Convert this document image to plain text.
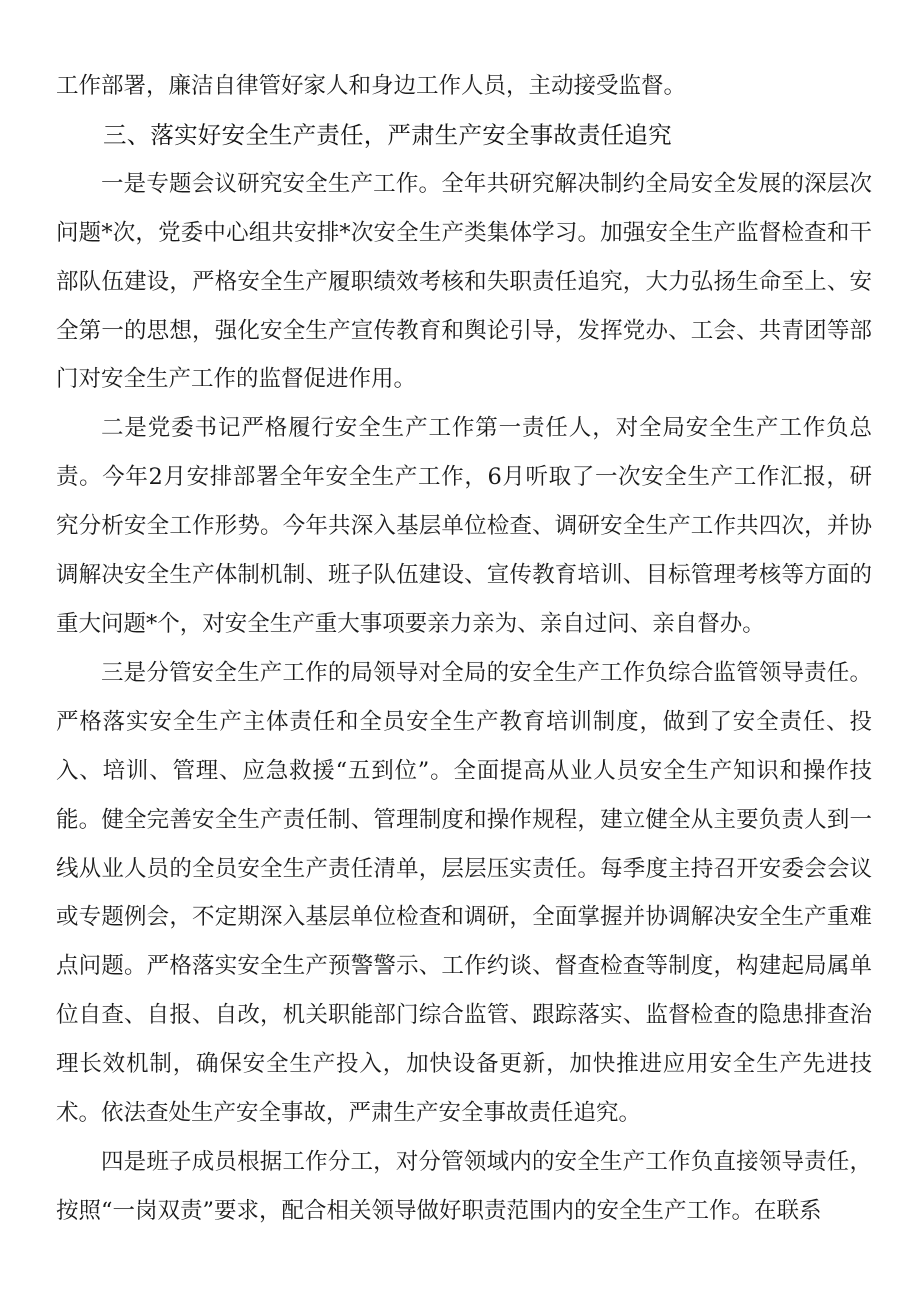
工作部署，廉洁自律管好家人和身边工作人员，主动接受监督。

三、落实好安全生产责任，严肃生产安全事故责任追究

一是专题会议研究安全生产工作。全年共研究解决制约全局安全发展的深层次问题*次，党委中心组共安排*次安全生产类集体学习。加强安全生产监督检查和干部队伍建设，严格安全生产履职绩效考核和失职责任追究，大力弘扬生命至上、安全第一的思想，强化安全生产宣传教育和舆论引导，发挥党办、工会、共青团等部门对安全生产工作的监督促进作用。

二是党委书记严格履行安全生产工作第一责任人，对全局安全生产工作负总责。今年2月安排部署全年安全生产工作，6月听取了一次安全生产工作汇报，研究分析安全工作形势。今年共深入基层单位检查、调研安全生产工作共四次，并协调解决安全生产体制机制、班子队伍建设、宣传教育培训、目标管理考核等方面的重大问题*个，对安全生产重大事项要亲力亲为、亲自过问、亲自督办。

三是分管安全生产工作的局领导对全局的安全生产工作负综合监管领导责任。严格落实安全生产主体责任和全员安全生产教育培训制度，做到了安全责任、投入、培训、管理、应急救援“五到位”。全面提高从业人员安全生产知识和操作技能。健全完善安全生产责任制、管理制度和操作规程，建立健全从主要负责人到一线从业人员的全员安全生产责任清单，层层压实责任。每季度主持召开安委会会议或专题例会，不定期深入基层单位检查和调研，全面掌握并协调解决安全生产重难点问题。严格落实安全生产预警警示、工作约谈、督查检查等制度，构建起局属单位自查、自报、自改，机关职能部门综合监管、跟踪落实、监督检查的隐患排查治理长效机制，确保安全生产投入，加快设备更新，加快推进应用安全生产先进技术。依法查处生产安全事故，严肃生产安全事故责任追究。

四是班子成员根据工作分工，对分管领域内的安全生产工作负直接领导责任，按照“一岗双责”要求，配合相关领导做好职责范围内的安全生产工作。在联系
